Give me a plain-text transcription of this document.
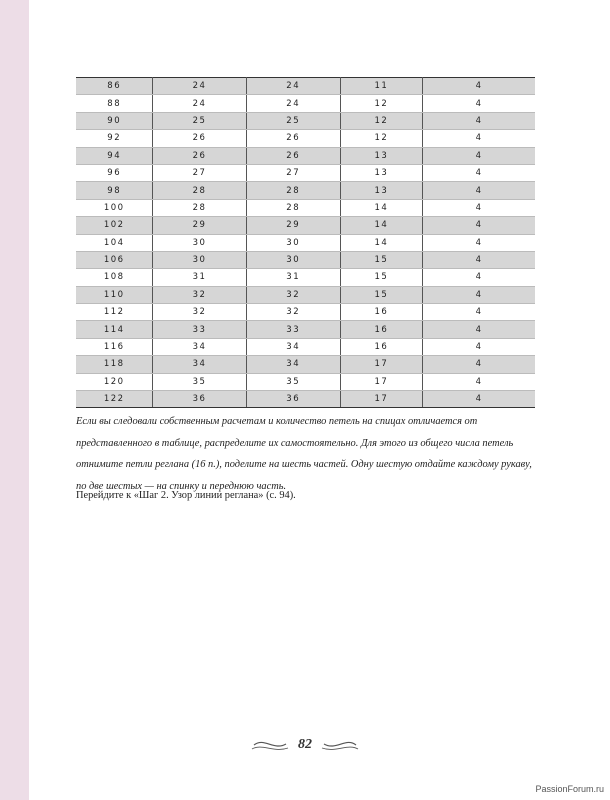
86	24	24	11	4
88	24	24	12	4
90	25	25	12	4
92	26	26	12	4
94	26	26	13	4
96	27	27	13	4
98	28	28	13	4
100	28	28	14	4
102	29	29	14	4
104	30	30	14	4
106	30	30	15	4
108	31	31	15	4
110	32	32	15	4
112	32	32	16	4
114	33	33	16	4
116	34	34	16	4
118	34	34	17	4
120	35	35	17	4
122	36	36	17	4

Если вы следовали собственным расчетам и количество петель на спицах отличается от представленного в таблице, распределите их самостоятельно. Для этого из общего числа петель отнимите петли реглана (16 п.), поделите на шесть частей. Одну шестую отдайте каждому рукаву, по две шестых — на спинку и переднюю часть.

Перейдите к «Шаг 2. Узор линии реглана» (с. 94).

82
PassionForum.ru
